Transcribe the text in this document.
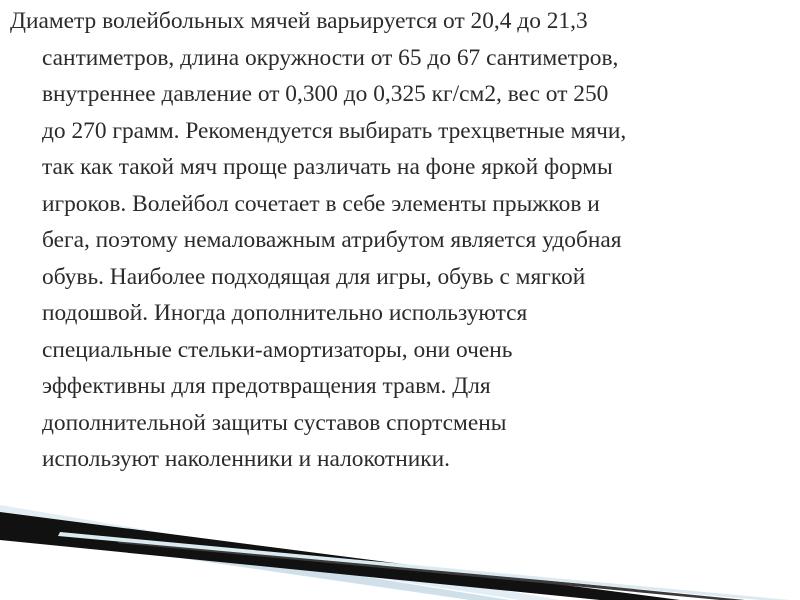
Диаметр волейбольных мячей варьируется от 20,4 до 21,3
сантиметров, длина окружности от 65 до 67 сантиметров,
внутреннее давление от 0,300 до 0,325 кг/см2, вес от 250
до 270 грамм. Рекомендуется выбирать трехцветные мячи,
так как такой мяч проще различать на фоне яркой формы
игроков. Волейбол сочетает в себе элементы прыжков и
бега, поэтому немаловажным атрибутом является удобная
обувь. Наиболее подходящая для игры, обувь с мягкой
подошвой. Иногда дополнительно используются
специальные стельки-амортизаторы, они очень
эффективны для предотвращения травм. Для
дополнительной защиты суставов спортсмены
используют наколенники и налокотники.
